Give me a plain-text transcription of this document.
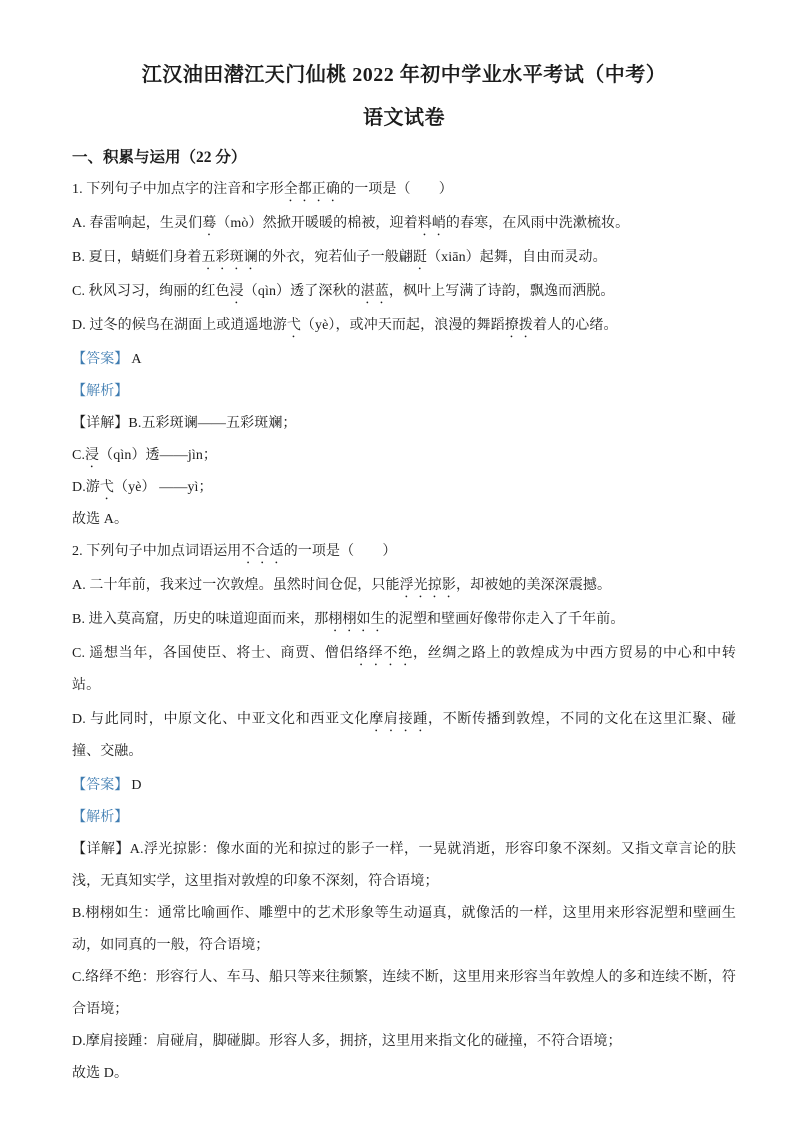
江汉油田潜江天门仙桃 2022 年初中学业水平考试（中考）
语文试卷
一、积累与运用（22 分）

1. 下列句子中加点字的注音和字形全都正确的一项是（　　）

A. 春雷响起，生灵们蓦（mò）然掀开暖暖的棉被，迎着料峭的春寒，在风雨中洗漱梳妆。

B. 夏日，蜻蜓们身着五彩斑谰的外衣，宛若仙子一般翩跹（xiān）起舞，自由而灵动。

C. 秋风习习，绚丽的红色浸（qìn）透了深秋的湛蓝，枫叶上写满了诗韵，飘逸而洒脱。

D. 过冬的候鸟在湖面上或逍遥地游弋（yè），或冲天而起，浪漫的舞蹈撩拨着人的心绪。

【答案】 A

【解析】

【详解】B.五彩斑谰——五彩斑斓；

C.浸（qìn）透——jìn；

D.游弋（yè） ——yì；

故选 A。

2. 下列句子中加点词语运用不合适的一项是（　　）

A. 二十年前，我来过一次敦煌。虽然时间仓促，只能浮光掠影，却被她的美深深震撼。

B. 进入莫高窟，历史的味道迎面而来，那栩栩如生的泥塑和壁画好像带你走入了千年前。

C. 遥想当年，各国使臣、将士、商贾、僧侣络绎不绝，丝绸之路上的敦煌成为中西方贸易的中心和中转站。

D. 与此同时，中原文化、中亚文化和西亚文化摩肩接踵，不断传播到敦煌，不同的文化在这里汇聚、碰撞、交融。

【答案】 D

【解析】

【详解】A.浮光掠影：像水面的光和掠过的影子一样，一晃就消逝，形容印象不深刻。又指文章言论的肤浅，无真知实学，这里指对敦煌的印象不深刻，符合语境；

B.栩栩如生：通常比喻画作、雕塑中的艺术形象等生动逼真，就像活的一样，这里用来形容泥塑和壁画生动，如同真的一般，符合语境；

C.络绎不绝：形容行人、车马、船只等来往频繁，连续不断，这里用来形容当年敦煌人的多和连续不断，符合语境；

D.摩肩接踵：肩碰肩，脚碰脚。形容人多，拥挤，这里用来指文化的碰撞，不符合语境；

故选 D。
